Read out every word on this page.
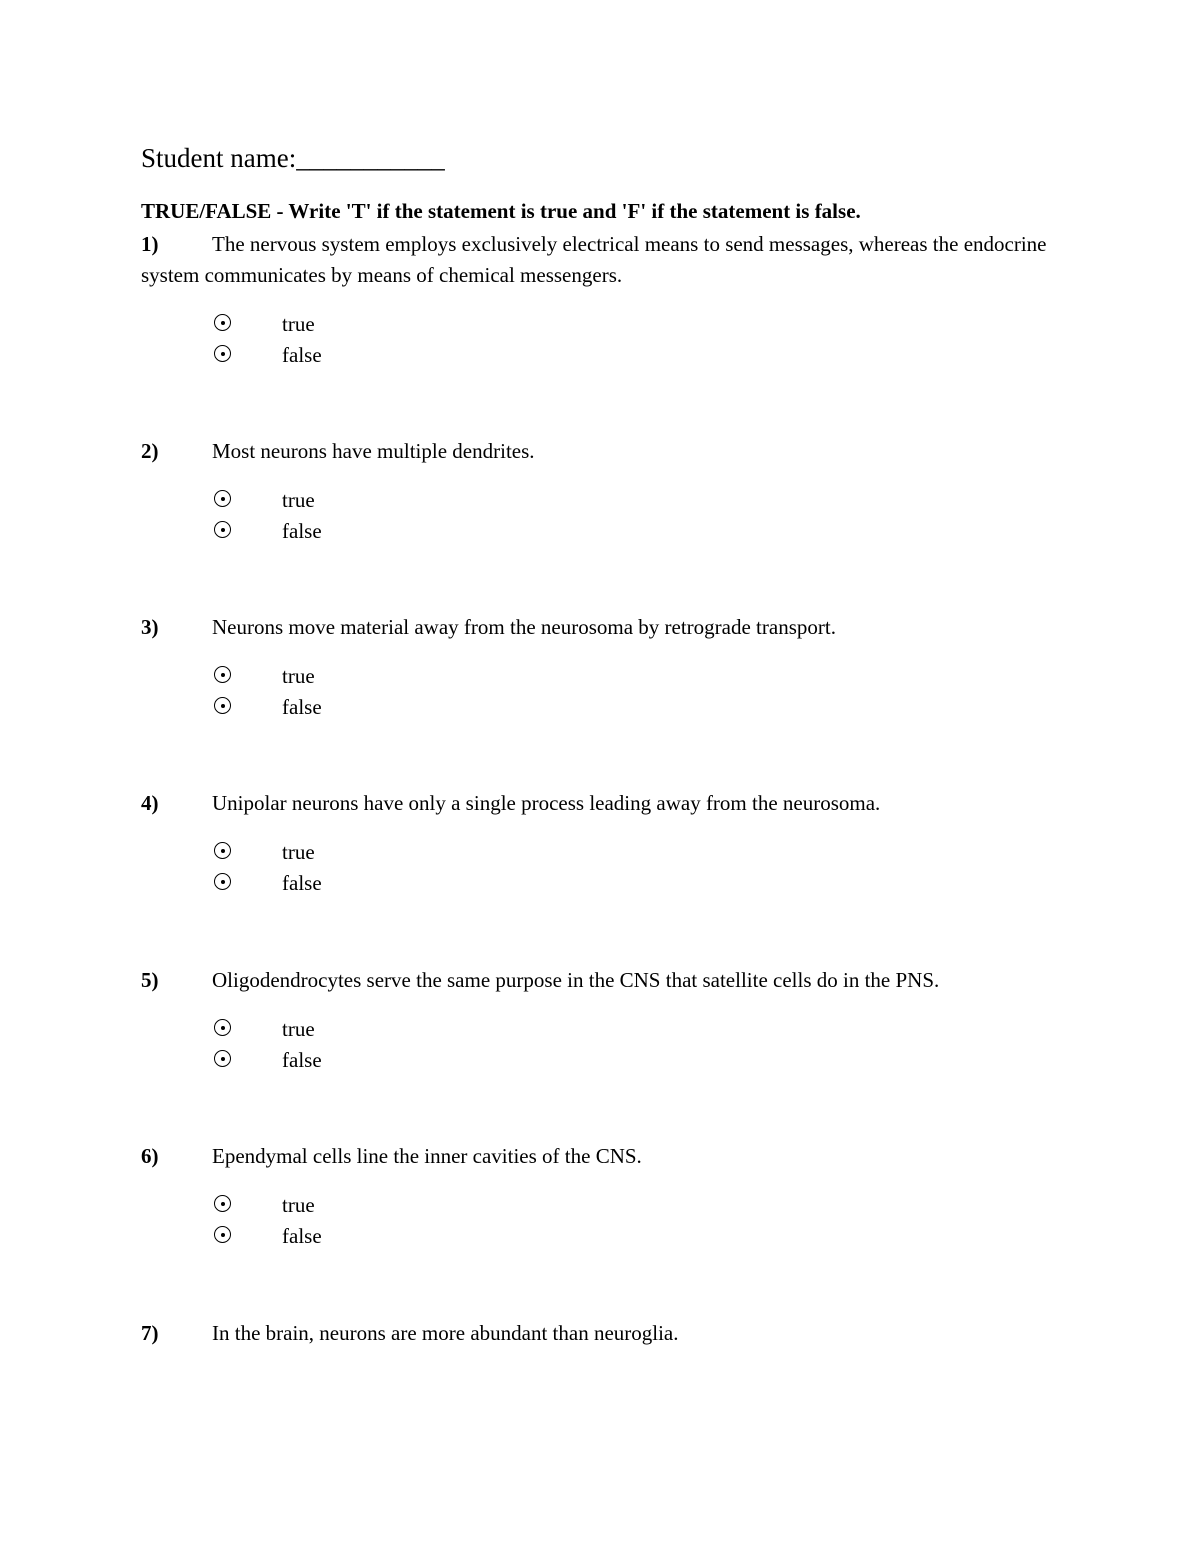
Student name:___________
TRUE/FALSE - Write 'T' if the statement is true and 'F' if the statement is false.

1)	The nervous system employs exclusively electrical means to send messages, whereas the endocrine system communicates by means of chemical messengers.

true
false

2)	Most neurons have multiple dendrites.

true
false

3)	Neurons move material away from the neurosoma by retrograde transport.

true
false

4)	Unipolar neurons have only a single process leading away from the neurosoma.

true
false

5)	Oligodendrocytes serve the same purpose in the CNS that satellite cells do in the PNS.

true
false

6)	Ependymal cells line the inner cavities of the CNS.

true
false

7)	In the brain, neurons are more abundant than neuroglia.
